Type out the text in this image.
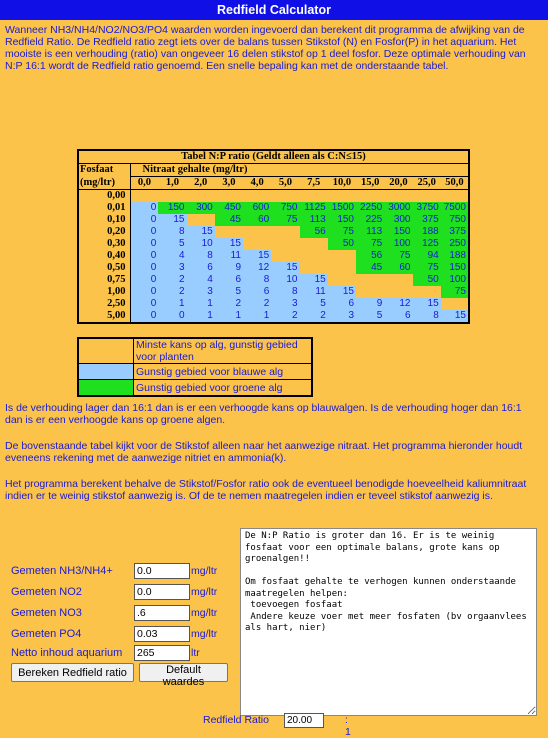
Redfield Calculator

Wanneer NH3/NH4/NO2/NO3/PO4 waarden worden ingevoerd dan berekent dit programma de afwijking van de Redfield Ratio. De Redfield ratio zegt iets over de balans tussen Stikstof (N) en Fosfor(P) in het aquarium. Het mooiste is een verhouding (ratio) van ongeveer 16 delen stikstof op 1 deel fosfor. Deze optimale verhouding van N:P 16:1 wordt de Redfield ratio genoemd. Een snelle bepaling kan met de onderstaande tabel.

Tabel N:P ratio (Geldt alleen als C:N≤15)												
Fosfaat	Nitraat gehalte (mg/ltr)											
(mg/ltr)	0,0	1,0	2,0	3,0	4,0	5,0	7,5	10,0	15,0	20,0	25,0	50,0
0,00	--	--	--	--	--	--	--	--	--	--	--	--
0,01	0	150	300	450	600	750	1125	1500	2250	3000	3750	7500
0,10	0	15	30	45	60	75	113	150	225	300	375	750
0,20	0	8	15	23	30	38	56	75	113	150	188	375
0,30	0	5	10	15	20	25	38	50	75	100	125	250
0,40	0	4	8	11	15	19	28	38	56	75	94	188
0,50	0	3	6	9	12	15	23	30	45	60	75	150
0,75	0	2	4	6	8	10	15	20	30	40	50	100
1,00	0	2	3	5	6	8	11	15	23	30	38	75
2,50	0	1	1	2	2	3	5	6	9	12	15	30
5,00	0	0	1	1	1	2	2	3	5	6	8	15
	Minste kans op alg, gunstig gebied voor planten
	Gunstig gebied voor blauwe alg
	Gunstig gebied voor groene alg

Is de verhouding lager dan 16:1 dan is er een verhoogde kans op blauwalgen. Is de verhouding hoger dan 16:1 dan is er een verhoogde kans op groene algen.

De bovenstaande tabel kijkt voor de Stikstof alleen naar het aanwezige nitraat. Het programma hieronder houdt eveneens rekening met de aanwezige nitriet en ammonia(k).

Het programma berekent behalve de Stikstof/Fosfor ratio ook de eventueel benodigde hoeveelheid kaliumnitraat indien er te weinig stikstof aanwezig is. Of de te nemen maatregelen indien er teveel stikstof aanwezig is.

Gemeten NH3/NH4+
0.0	mg/ltr
Gemeten NO2
0.0	mg/ltr
Gemeten NO3
.6	mg/ltr
Gemeten PO4
0.03	mg/ltr
Netto inhoud aquarium
265	ltr
Bereken Redfield ratio	Default waardes
De N:P Ratio is groter dan 16. Er is te weinig fosfaat voor een optimale balans, grote kans op groenalgen!! Om fosfaat gehalte te verhogen kunnen onderstaande maatregelen helpen: toevoegen fosfaat Andere keuze voer met meer fosfaten (bv orgaanvlees als hart, nier)
Redfield Ratio
20.00	: 1
